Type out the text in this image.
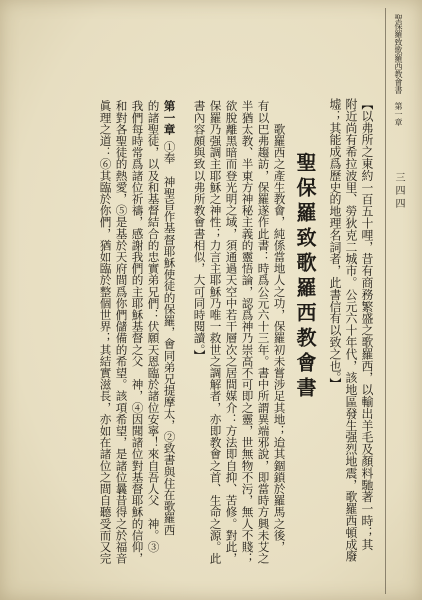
聖保羅致歌羅西教會書第一章
三四四
【以弗所之東約一百五十哩，昔有商務繁盛之歌羅西，以輸出羊毛及顏料馳著一時；其
附近尚有希拉波里、勞狄克二城市。公元六十年代，該地區發生强烈地震，歌羅西頓成廢
墟；其能成爲歷史的地理名詞者，此書信有以致之也。】
聖保羅致歌羅西教會書
　　歌羅西之產生教會，純係當地人之功，保羅初未嘗涉足其地；迨其錮鎖於羅馬之後，
有以巴弗趨訪，保羅遂作此書：時爲公元六十三年。書中所謂異端邪說，即當時方興未艾之
半猶太教、半東方神秘主義的靈悟論，認爲神乃崇高不可即之靈，世無物不污，無人不賤；
欲脫離黑暗而登光明之域，須通過天空中若干層次之居間媒介：方法即自抑、苦修。對此，
保羅乃强調主耶穌之神性；力言主耶穌乃唯一救世之調解者，亦即教會之首、生命之源。此
書內容頗與致以弗所教會書相似，大可同時閱讀。】
第一章①奉　神聖旨作基督耶穌使徒的保羅，會同弟兄提摩太，②致書與住在歌羅西
的諸聖徒，以及和基督結合的忠實弟兄們：伏願天恩臨於諸位安寧！來自吾人父　神。③
我們每時常爲諸位祈禱，感謝我們的主耶穌基督之父　神，④因聞諸位對基督耶穌的信仰，
和對各聖徒的熱愛，⑤是基於天府間爲你們儲備的希望。該項希望，是諸位曩昔得之於福音
眞理之道：⑥其臨於你們，猶如臨於整個世界；其結實滋長，亦如在諸位之間自聽受而又完
